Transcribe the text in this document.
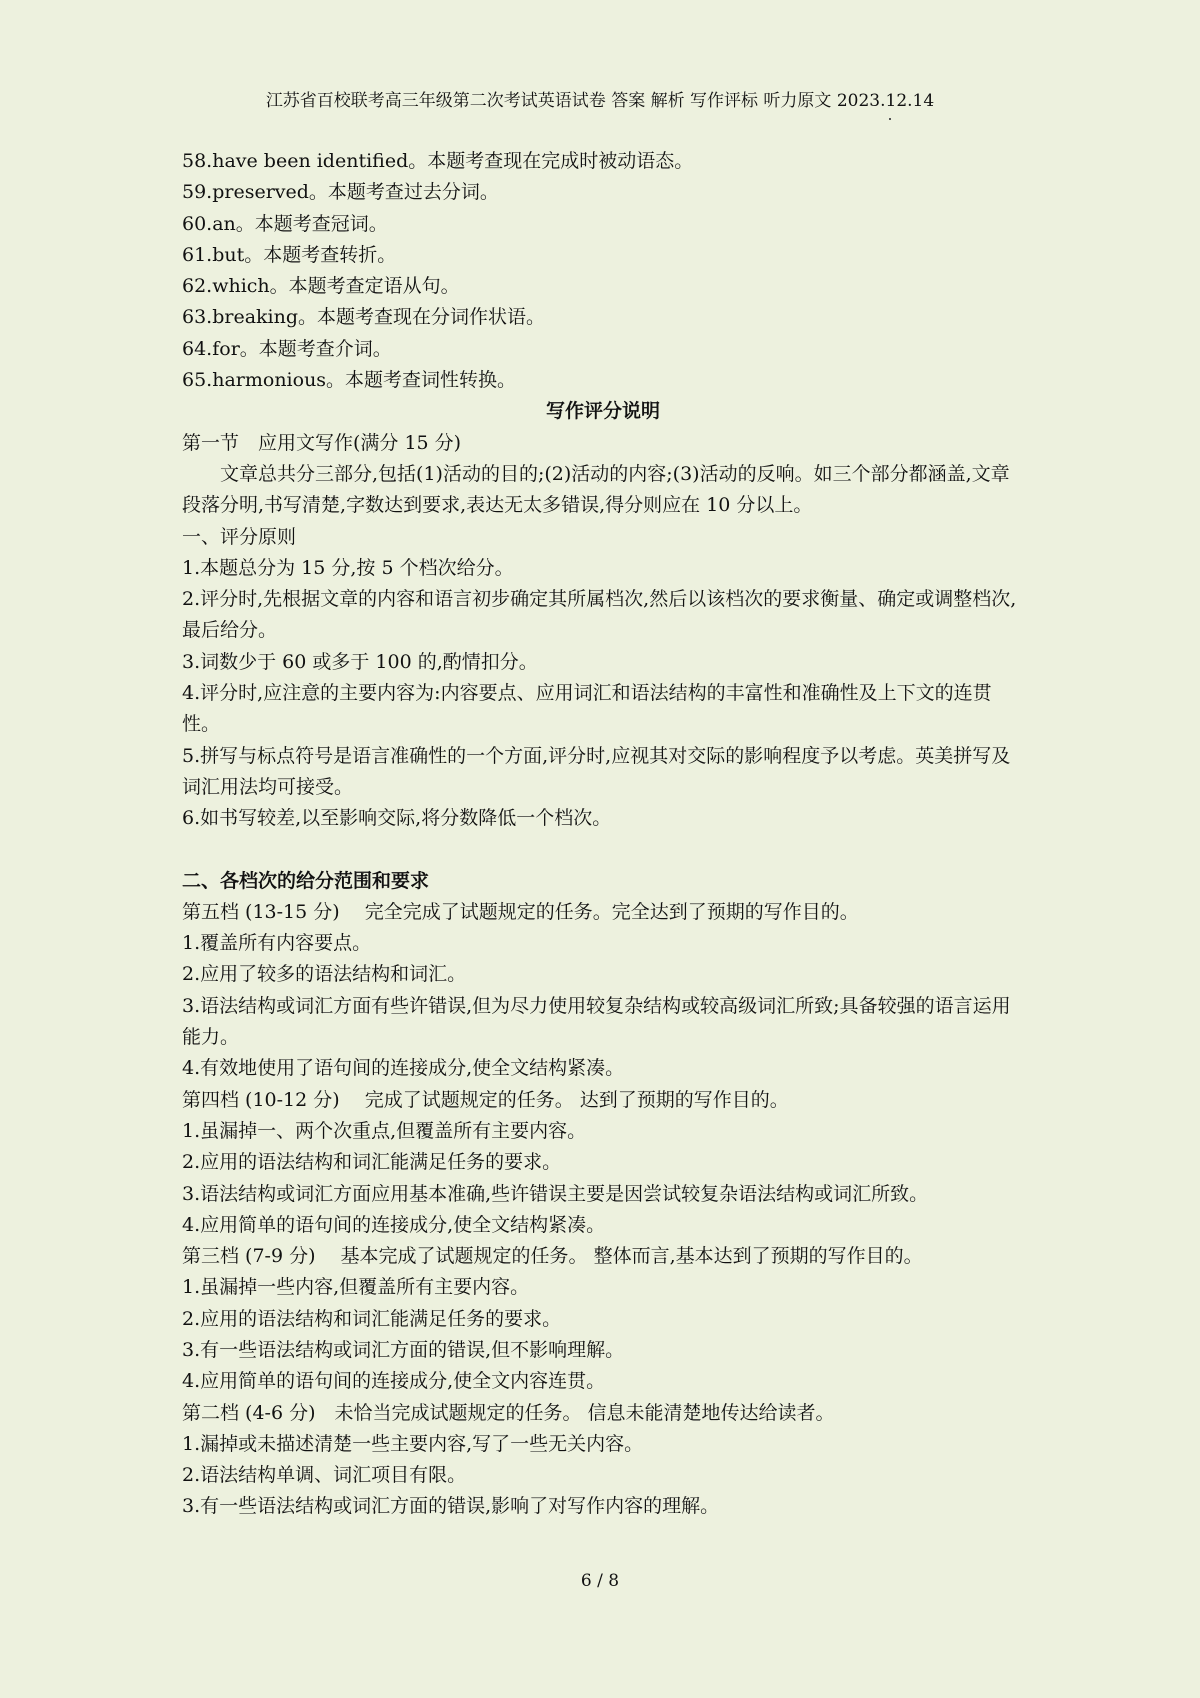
江苏省百校联考高三年级第二次考试英语试卷 答案 解析 写作评标 听力原文 2023.12.14
58.have been identified。本题考查现在完成时被动语态。
59.preserved。本题考查过去分词。
60.an。本题考查冠词。
61.but。本题考查转折。
62.which。本题考查定语从句。
63.breaking。本题考查现在分词作状语。
64.for。本题考查介词。
65.harmonious。本题考查词性转换。
写作评分说明
第一节　应用文写作(满分 15 分)
文章总共分三部分,包括(1)活动的目的;(2)活动的内容;(3)活动的反响。如三个部分都涵盖,文章段落分明,书写清楚,字数达到要求,表达无太多错误,得分则应在 10 分以上。
一、评分原则
1.本题总分为 15 分,按 5 个档次给分。
2.评分时,先根据文章的内容和语言初步确定其所属档次,然后以该档次的要求衡量、确定或调整档次,最后给分。
3.词数少于 60 或多于 100 的,酌情扣分。
4.评分时,应注意的主要内容为:内容要点、应用词汇和语法结构的丰富性和准确性及上下文的连贯性。
5.拼写与标点符号是语言准确性的一个方面,评分时,应视其对交际的影响程度予以考虑。英美拼写及词汇用法均可接受。
6.如书写较差,以至影响交际,将分数降低一个档次。
二、各档次的给分范围和要求
第五档 (13-15 分)　 完全完成了试题规定的任务。完全达到了预期的写作目的。
1.覆盖所有内容要点。
2.应用了较多的语法结构和词汇。
3.语法结构或词汇方面有些许错误,但为尽力使用较复杂结构或较高级词汇所致;具备较强的语言运用能力。
4.有效地使用了语句间的连接成分,使全文结构紧凑。
第四档 (10-12 分)　 完成了试题规定的任务。 达到了预期的写作目的。
1.虽漏掉一、两个次重点,但覆盖所有主要内容。
2.应用的语法结构和词汇能满足任务的要求。
3.语法结构或词汇方面应用基本准确,些许错误主要是因尝试较复杂语法结构或词汇所致。
4.应用简单的语句间的连接成分,使全文结构紧凑。
第三档 (7-9 分)　 基本完成了试题规定的任务。 整体而言,基本达到了预期的写作目的。
1.虽漏掉一些内容,但覆盖所有主要内容。
2.应用的语法结构和词汇能满足任务的要求。
3.有一些语法结构或词汇方面的错误,但不影响理解。
4.应用简单的语句间的连接成分,使全文内容连贯。
第二档 (4-6 分)　未恰当完成试题规定的任务。 信息未能清楚地传达给读者。
1.漏掉或未描述清楚一些主要内容,写了一些无关内容。
2.语法结构单调、词汇项目有限。
3.有一些语法结构或词汇方面的错误,影响了对写作内容的理解。
6 / 8
